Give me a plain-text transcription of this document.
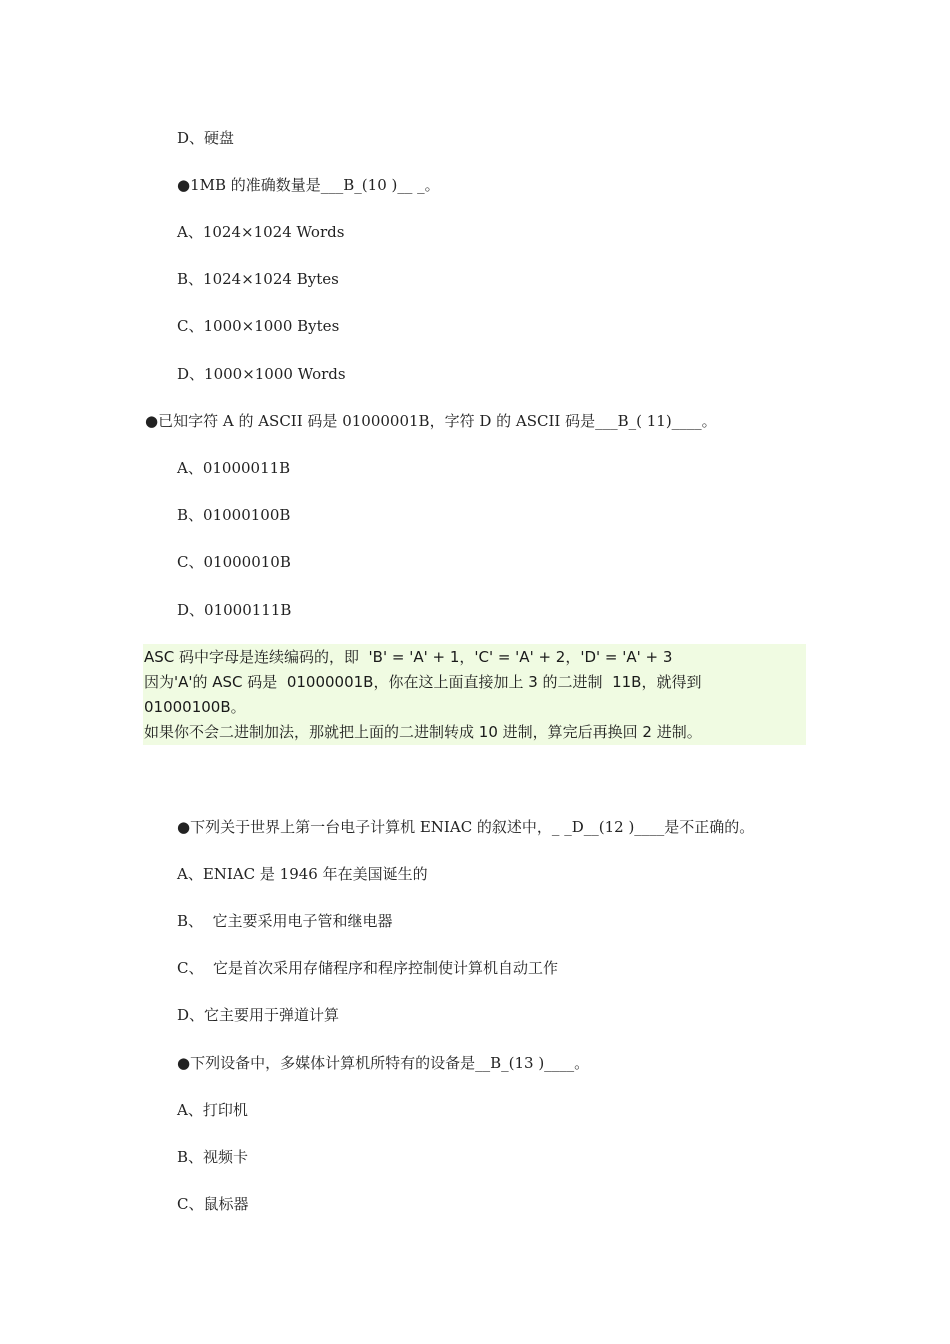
D、硬盘
●1MB 的准确数量是___B_(10 )__ _。
A、1024×1024 Words
B、1024×1024 Bytes
C、1000×1000 Bytes
D、1000×1000 Words
●已知字符 A 的 ASCII 码是 01000001B，字符 D 的 ASCII 码是___B_( 11)____。
A、01000011B
B、01000100B
C、01000010B
D、01000111B
ASC 码中字母是连续编码的，即  'B' = 'A' + 1，'C' = 'A' + 2，'D' = 'A' + 3
因为'A'的 ASC 码是  01000001B，你在这上面直接加上 3 的二进制  11B，就得到
01000100B。
如果你不会二进制加法，那就把上面的二进制转成 10 进制，算完后再换回 2 进制。
●下列关于世界上第一台电子计算机 ENIAC 的叙述中，_ _D__(12 )____是不正确的。
A、ENIAC 是 1946 年在美国诞生的
B、  它主要采用电子管和继电器
C、  它是首次采用存储程序和程序控制使计算机自动工作
D、它主要用于弹道计算
●下列设备中，多媒体计算机所特有的设备是__B_(13 )____。
A、打印机
B、视频卡
C、鼠标器
